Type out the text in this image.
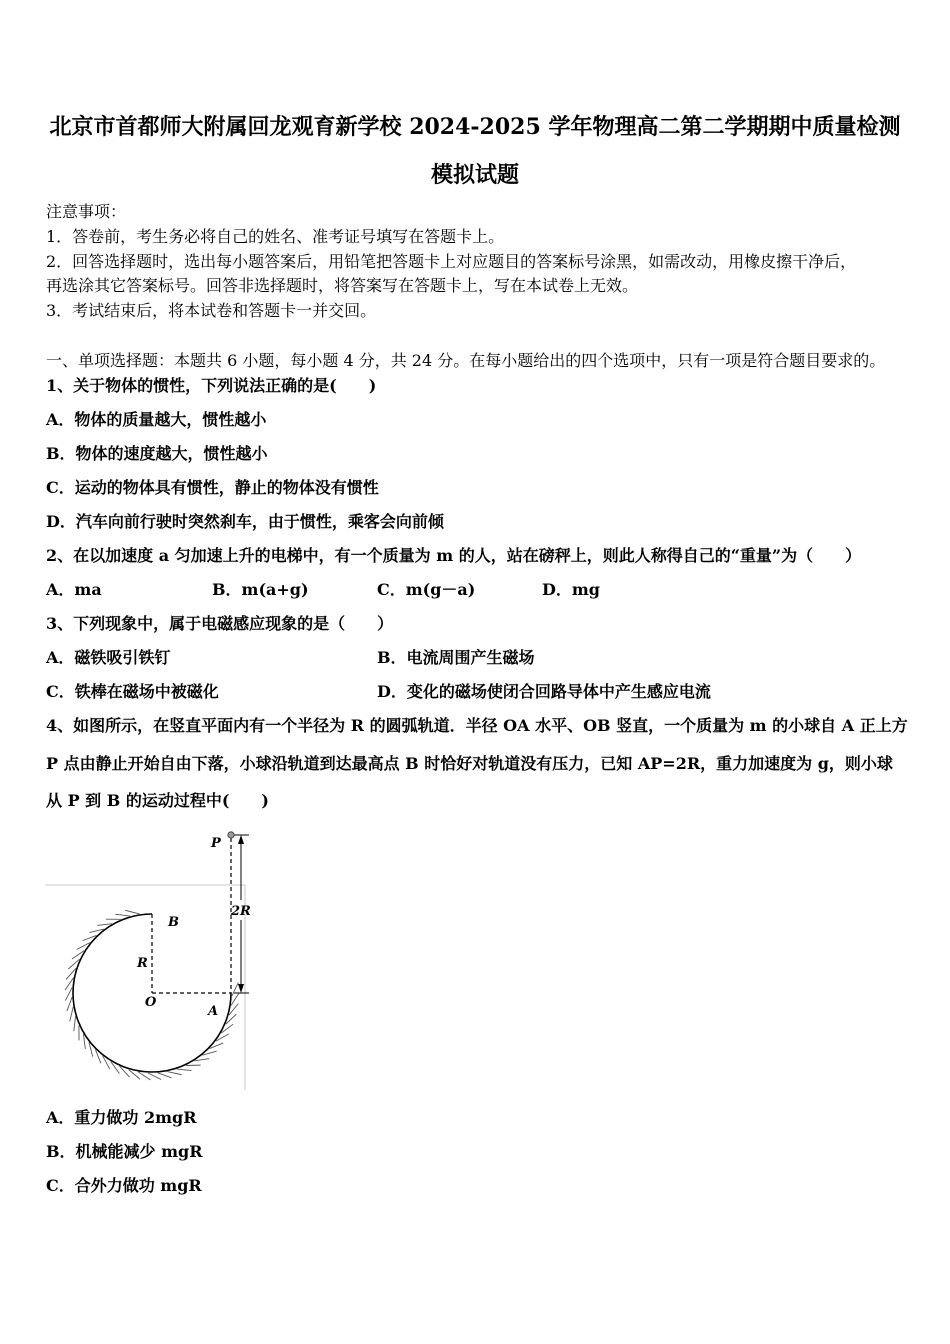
北京市首都师大附属回龙观育新学校 2024-2025 学年物理高二第二学期期中质量检测
模拟试题
注意事项：
1．答卷前，考生务必将自己的姓名、准考证号填写在答题卡上。
2．回答选择题时，选出每小题答案后，用铅笔把答题卡上对应题目的答案标号涂黑，如需改动，用橡皮擦干净后，
再选涂其它答案标号。回答非选择题时，将答案写在答题卡上，写在本试卷上无效。
3．考试结束后，将本试卷和答题卡一并交回。
一、单项选择题：本题共 6 小题，每小题 4 分，共 24 分。在每小题给出的四个选项中，只有一项是符合题目要求的。
1、关于物体的惯性，下列说法正确的是(　　)
A．物体的质量越大，惯性越小
B．物体的速度越大，惯性越小
C．运动的物体具有惯性，静止的物体没有惯性
D．汽车向前行驶时突然刹车，由于惯性，乘客会向前倾
2、在以加速度 a 匀加速上升的电梯中，有一个质量为 m 的人，站在磅秤上，则此人称得自己的“重量”为（　　）
A．ma	B．m(a+g)	C．m(g－a)	D．mg
3、下列现象中，属于电磁感应现象的是（　　）
A．磁铁吸引铁钉	B．电流周围产生磁场
C．铁棒在磁场中被磁化	D．变化的磁场使闭合回路导体中产生感应电流
4、如图所示，在竖直平面内有一个半径为 R 的圆弧轨道．半径 OA 水平、OB 竖直，一个质量为 m 的小球自 A 正上方
P 点由静止开始自由下落，小球沿轨道到达最高点 B 时恰好对轨道没有压力，已知 AP=2R，重力加速度为 g，则小球
从 P 到 B 的运动过程中(　　)
P
B
R
O
A
2R
A．重力做功 2mgR
B．机械能减少 mgR
C．合外力做功 mgR
